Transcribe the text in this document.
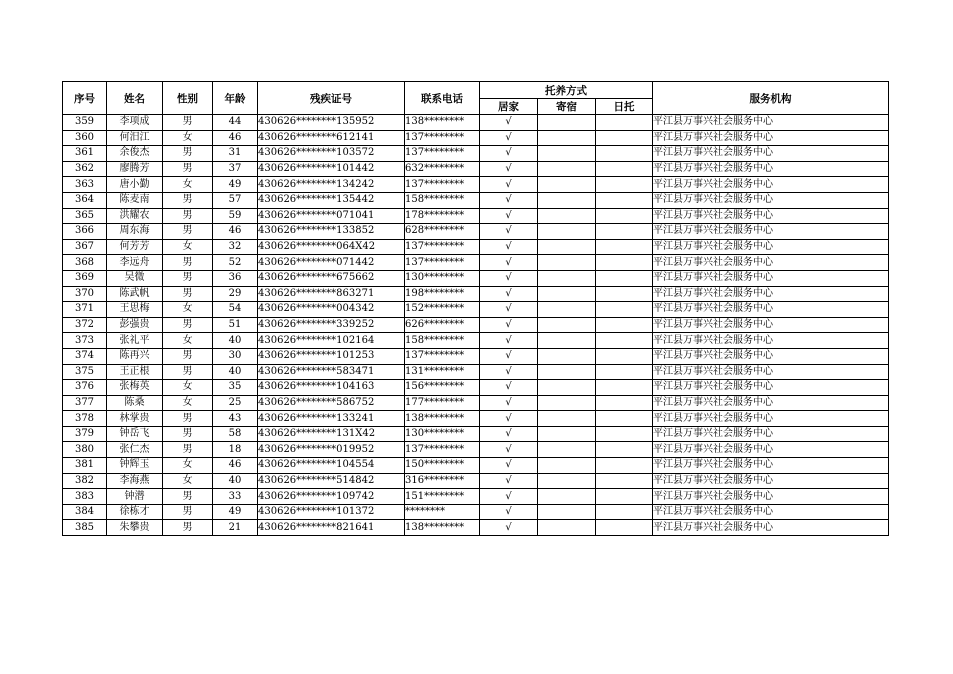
序号	姓名	性别	年龄	残疾证号	联系电话	托养方式			服务机构
						居家	寄宿	日托	
359	李项成	男	44	430626********135952	138********	√			平江县万事兴社会服务中心
360	何汨江	女	46	430626********612141	137********	√			平江县万事兴社会服务中心
361	余俊杰	男	31	430626********103572	137********	√			平江县万事兴社会服务中心
362	廖腾芳	男	37	430626********101442	632********	√			平江县万事兴社会服务中心
363	唐小勤	女	49	430626********134242	137********	√			平江县万事兴社会服务中心
364	陈麦南	男	57	430626********135442	158********	√			平江县万事兴社会服务中心
365	洪耀农	男	59	430626********071041	178********	√			平江县万事兴社会服务中心
366	周东海	男	46	430626********133852	628********	√			平江县万事兴社会服务中心
367	何芳芳	女	32	430626********064X42	137********	√			平江县万事兴社会服务中心
368	李远舟	男	52	430626********071442	137********	√			平江县万事兴社会服务中心
369	吴微	男	36	430626********675662	130********	√			平江县万事兴社会服务中心
370	陈武帆	男	29	430626********863271	198********	√			平江县万事兴社会服务中心
371	王思梅	女	54	430626********004342	152********	√			平江县万事兴社会服务中心
372	彭强贵	男	51	430626********339252	626********	√			平江县万事兴社会服务中心
373	张礼平	女	40	430626********102164	158********	√			平江县万事兴社会服务中心
374	陈再兴	男	30	430626********101253	137********	√			平江县万事兴社会服务中心
375	王正根	男	40	430626********583471	131********	√			平江县万事兴社会服务中心
376	张梅英	女	35	430626********104163	156********	√			平江县万事兴社会服务中心
377	陈桑	女	25	430626********586752	177********	√			平江县万事兴社会服务中心
378	林掌贵	男	43	430626********133241	138********	√			平江县万事兴社会服务中心
379	钟岳飞	男	58	430626********131X42	130********	√			平江县万事兴社会服务中心
380	张仁杰	男	18	430626********019952	137********	√			平江县万事兴社会服务中心
381	钟辉玉	女	46	430626********104554	150********	√			平江县万事兴社会服务中心
382	李海燕	女	40	430626********514842	316********	√			平江县万事兴社会服务中心
383	钟潜	男	33	430626********109742	151********	√			平江县万事兴社会服务中心
384	徐栋才	男	49	430626********101372	********	√			平江县万事兴社会服务中心
385	朱攀贵	男	21	430626********821641	138********	√			平江县万事兴社会服务中心
